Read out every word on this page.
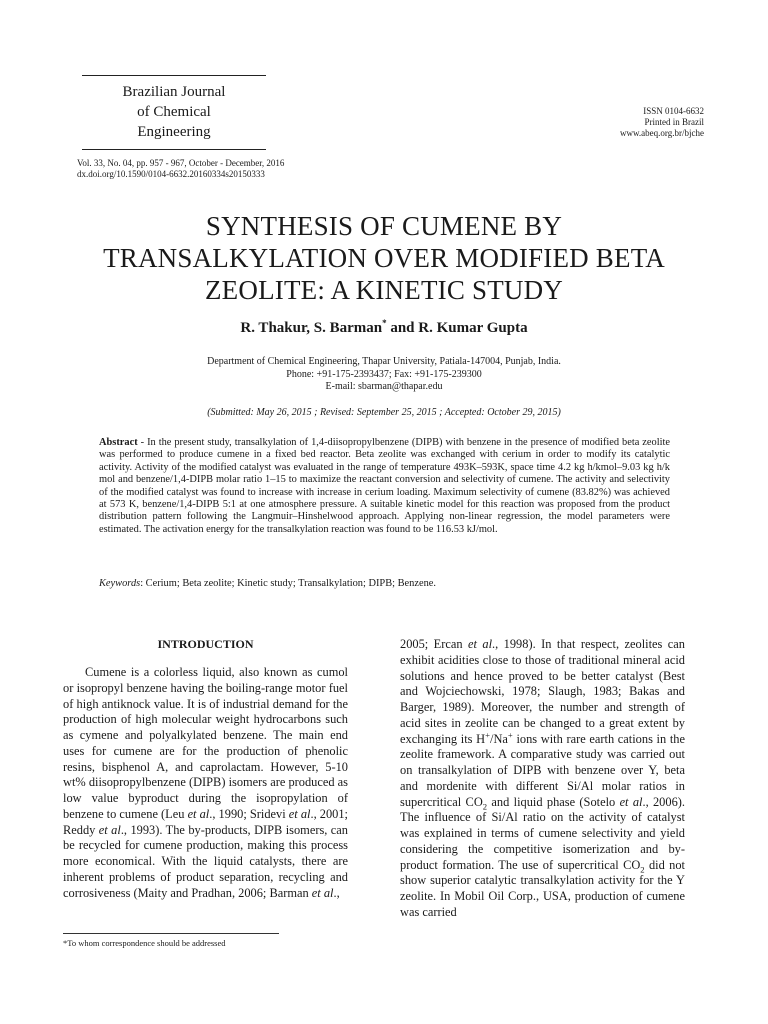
Brazilian Journal
of Chemical
Engineering
ISSN 0104-6632
Printed in Brazil
www.abeq.org.br/bjche
Vol. 33, No. 04, pp. 957 - 967, October - December, 2016
dx.doi.org/10.1590/0104-6632.20160334s20150333
SYNTHESIS OF CUMENE BY
TRANSALKYLATION OVER MODIFIED BETA
ZEOLITE: A KINETIC STUDY
R. Thakur, S. Barman* and R. Kumar Gupta
Department of Chemical Engineering, Thapar University, Patiala-147004, Punjab, India.
Phone: +91-175-2393437; Fax: +91-175-239300
E-mail: sbarman@thapar.edu
(Submitted: May 26, 2015 ; Revised: September 25, 2015 ; Accepted: October 29, 2015)
Abstract - In the present study, transalkylation of 1,4-diisopropylbenzene (DIPB) with benzene in the presence of modified beta zeolite was performed to produce cumene in a fixed bed reactor. Beta zeolite was exchanged with cerium in order to modify its catalytic activity. Activity of the modified catalyst was evaluated in the range of temperature 493K–593K, space time 4.2 kg h/kmol–9.03 kg h/k mol and benzene/1,4-DIPB molar ratio 1–15 to maximize the reactant conversion and selectivity of cumene. The activity and selectivity of the modified catalyst was found to increase with increase in cerium loading. Maximum selectivity of cumene (83.82%) was achieved at 573 K, benzene/1,4-DIPB 5:1 at one atmosphere pressure. A suitable kinetic model for this reaction was proposed from the product distribution pattern following the Langmuir–Hinshelwood approach. Applying non-linear regression, the model parameters were estimated. The activation energy for the transalkylation reaction was found to be 116.53 kJ/mol.
Keywords: Cerium; Beta zeolite; Kinetic study; Transalkylation; DIPB; Benzene.
INTRODUCTION

Cumene is a colorless liquid, also known as cumol or isopropyl benzene having the boiling-range motor fuel of high antiknock value. It is of industrial demand for the production of high molecular weight hydrocarbons such as cymene and polyalkylated benzene. The main end uses for cumene are for the production of phenolic resins, bisphenol A, and caprolactam. However, 5-10 wt% diisopropylbenzene (DIPB) isomers are produced as low value byproduct during the isopropylation of benzene to cumene (Leu et al., 1990; Sridevi et al., 2001; Reddy et al., 1993). The by-products, DIPB isomers, can be recycled for cumene production, making this process more economical. With the liquid catalysts, there are inherent problems of product separation, recycling and corrosiveness (Maity and Pradhan, 2006; Barman et al.,

2005; Ercan et al., 1998). In that respect, zeolites can exhibit acidities close to those of traditional mineral acid solutions and hence proved to be better catalyst (Best and Wojciechowski, 1978; Slaugh, 1983; Bakas and Barger, 1989). Moreover, the number and strength of acid sites in zeolite can be changed to a great extent by exchanging its H+/Na+ ions with rare earth cations in the zeolite framework. A comparative study was carried out on transalkylation of DIPB with benzene over Y, beta and mordenite with different Si/Al molar ratios in supercritical $CO_2$ and liquid phase (Sotelo et al., 2006). The influence of Si/Al ratio on the activity of catalyst was explained in terms of cumene selectivity and yield considering the competitive isomerization and by-product formation. The use of supercritical $CO_2$ did not show superior catalytic transalkylation activity for the Y zeolite. In Mobil Oil Corp., USA, production of cumene was carried

*To whom correspondence should be addressed
